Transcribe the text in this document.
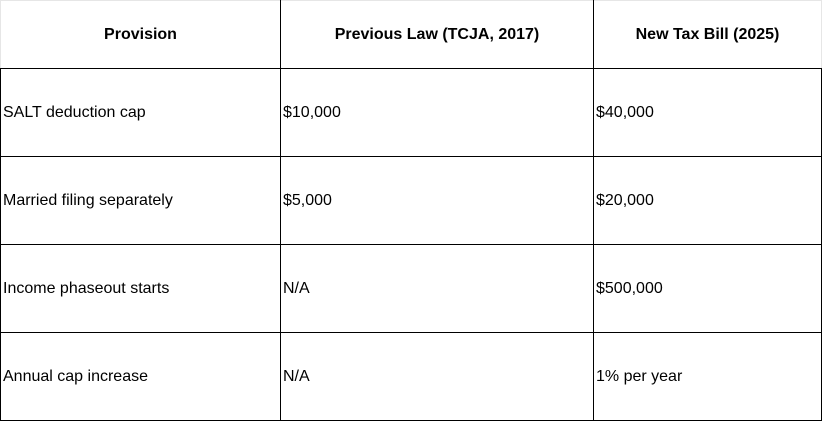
Provision	Previous Law (TCJA, 2017)	New Tax Bill (2025)
SALT deduction cap	$10,000	$40,000
Married filing separately	$5,000	$20,000
Income phaseout starts	N/A	$500,000
Annual cap increase	N/A	1% per year
